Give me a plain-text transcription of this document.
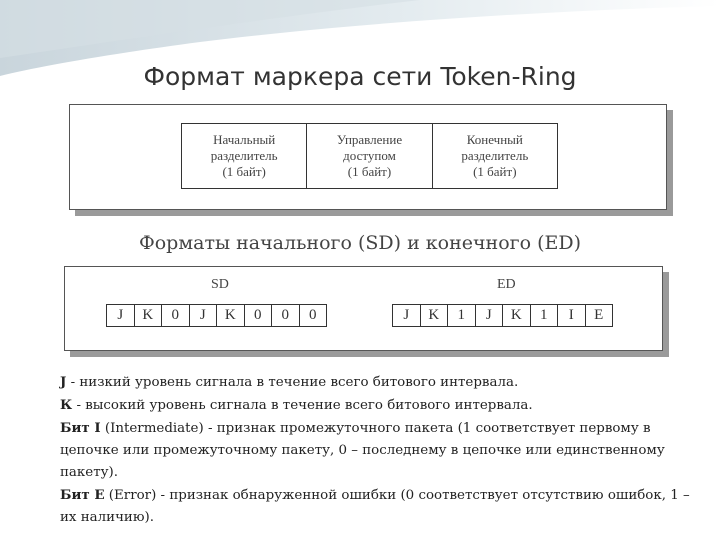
Формат маркера сети Token-Ring
Начальный
разделитель
(1 байт)
Управление
доступом
(1 байт)
Конечный
разделитель
(1 байт)
Форматы начального (SD) и конечного (ED)
SD	ED
J	K	0	J	K	0	0	0	J	K	1	J	K	1	I	E

J - низкий уровень сигнала в течение всего битового интервала.

К - высокий уровень сигнала в течение всего битового интервала.

Бит I (Intermediate) - признак промежуточного пакета (1 соответствует первому в цепочке или промежуточному пакету, 0 – последнему в цепочке или единственному пакету).

Бит Е (Error) - признак обнаруженной ошибки (0 соответствует отсутствию ошибок, 1 – их наличию).
